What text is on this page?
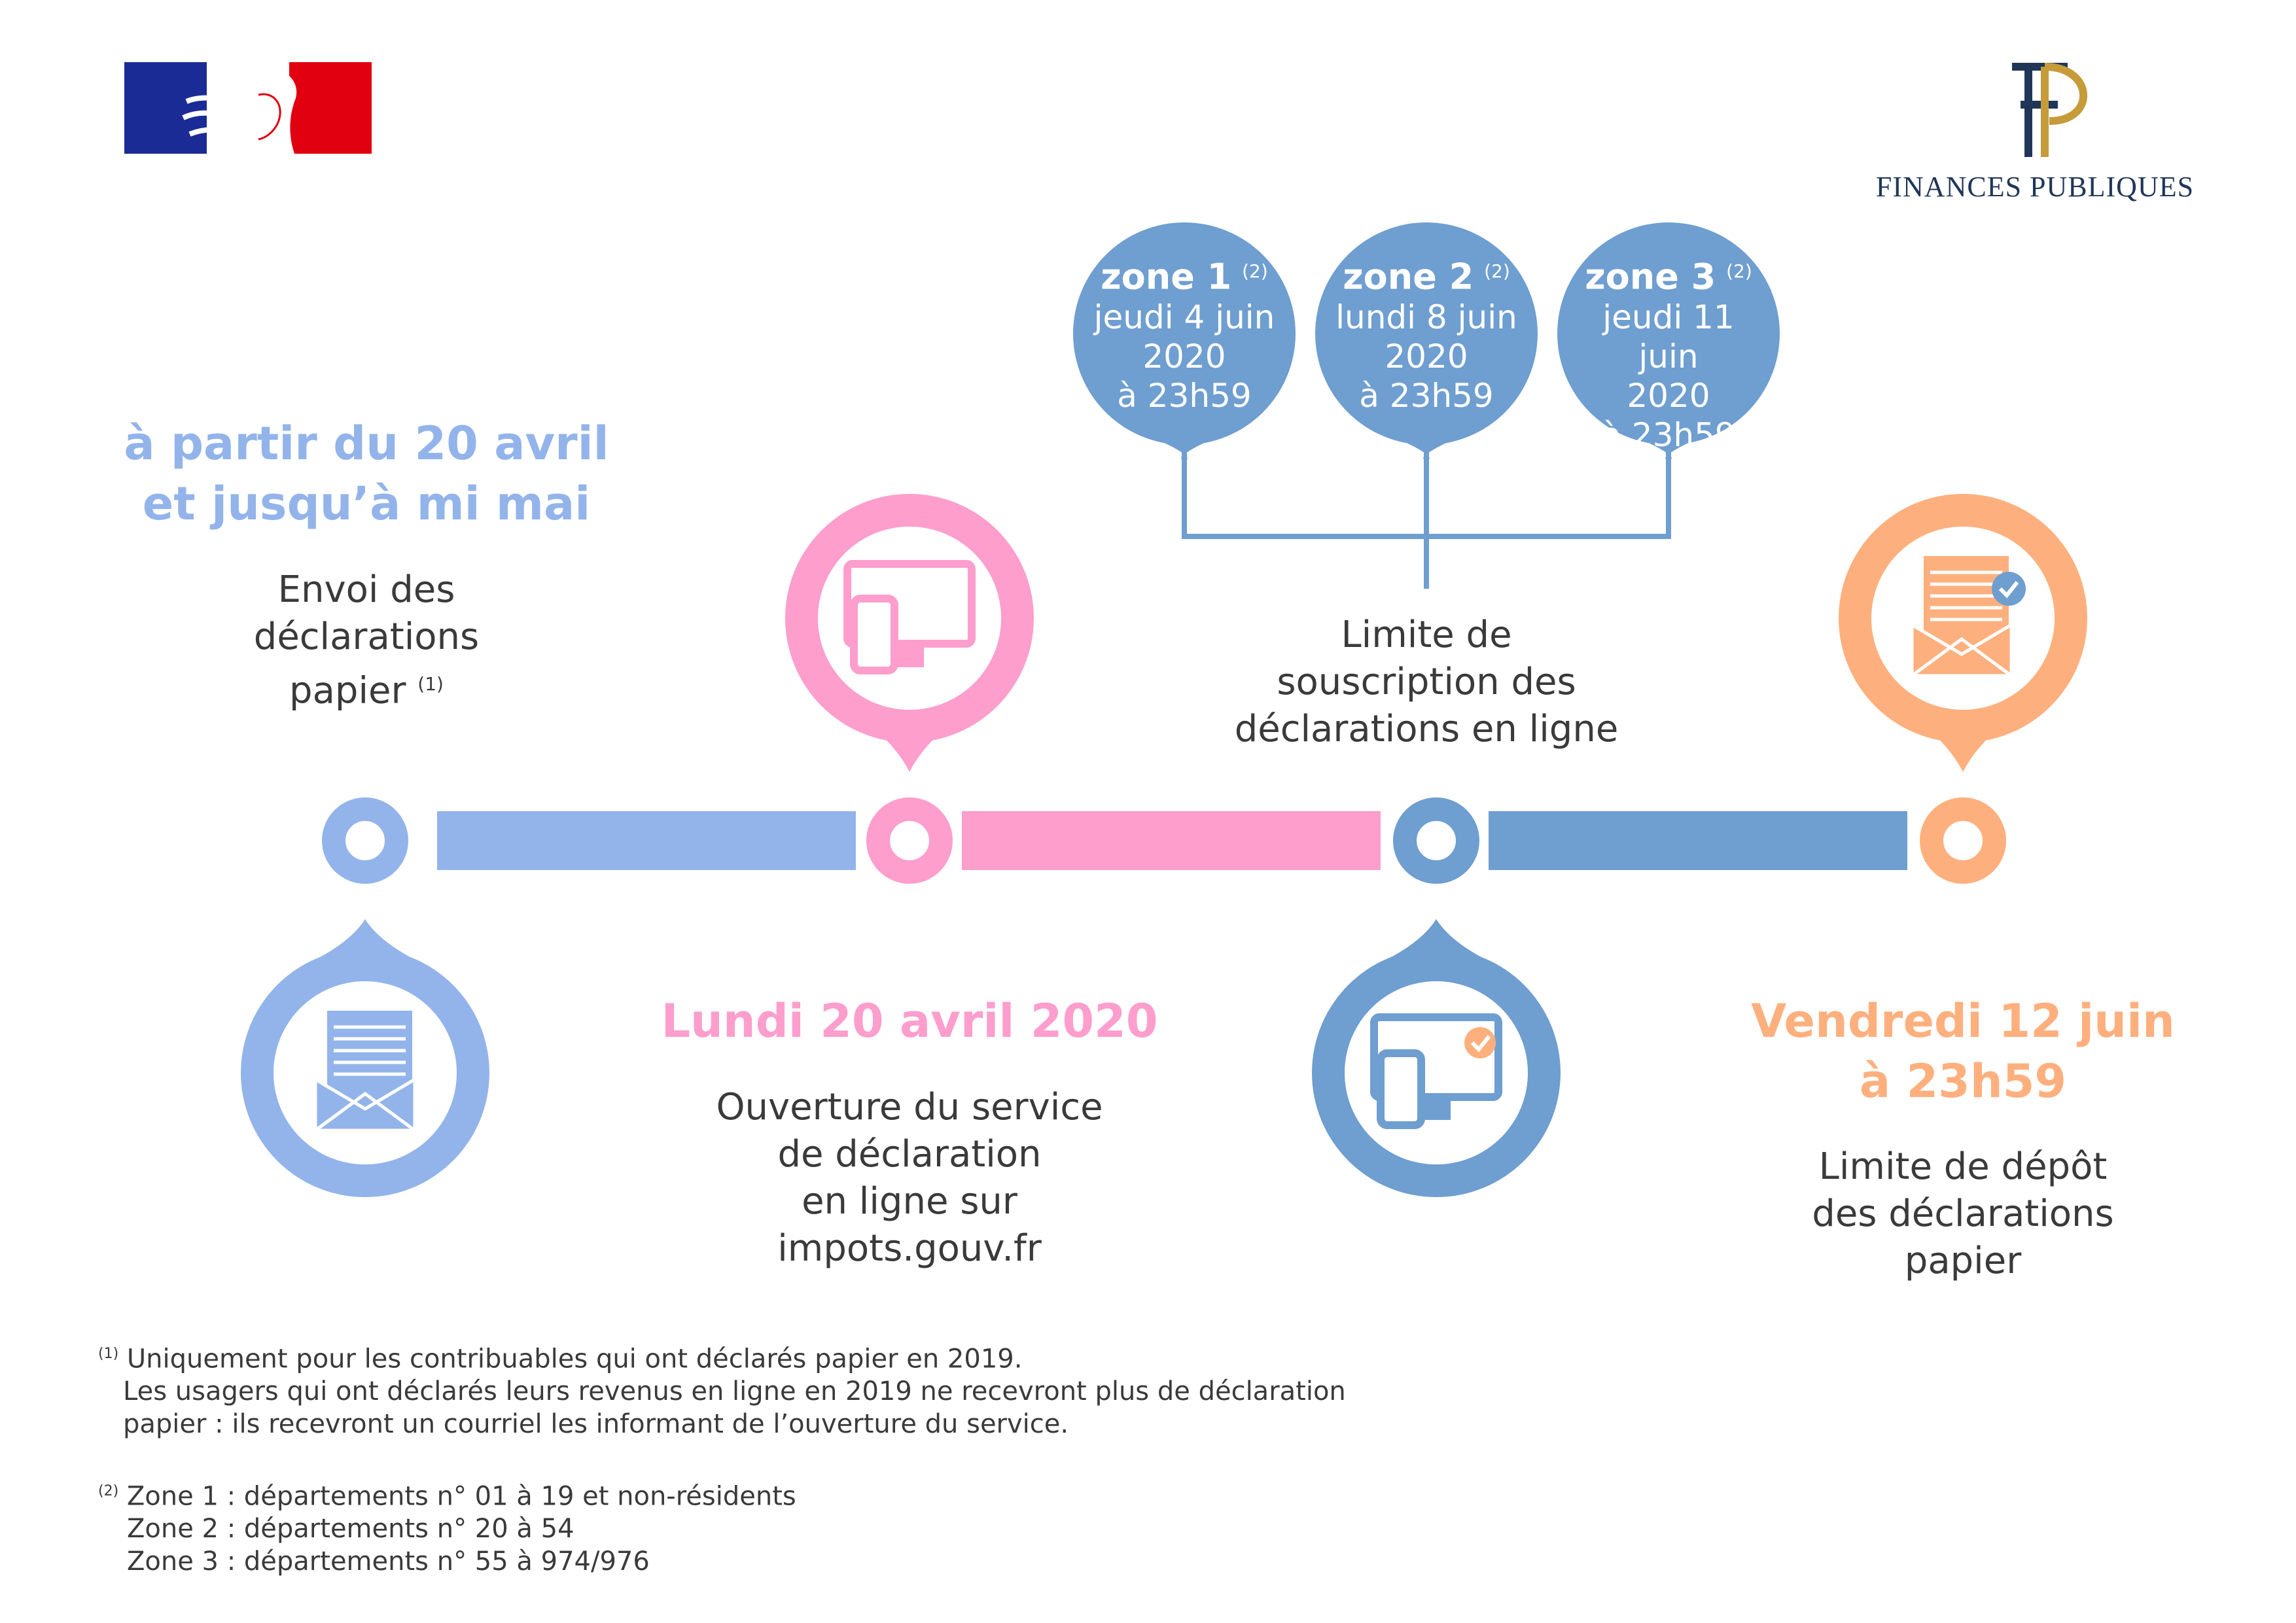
FINANCES PUBLIQUES
zone 1 $^{(2)}$
jeudi 4 juin
2020
à 23h59
zone 2 $^{(2)}$
lundi 8 juin
2020
à 23h59
zone 3 $^{(2)}$
jeudi 11 juin
2020
à 23h59
à partir du 20 avril
et jusqu’à mi mai
Envoi des
déclarations
papier $^{(1)}$
Lundi 20 avril 2020
Ouverture du service
de déclaration
en ligne sur
impots.gouv.fr
Limite de
souscription des
déclarations en ligne
Vendredi 12 juin
à 23h59
Limite de dépôt
des déclarations
papier
$^{(1)}$ Uniquement pour les contribuables qui ont déclarés papier en 2019.
Les usagers qui ont déclarés leurs revenus en ligne en 2019 ne recevront plus de déclaration
papier : ils recevront un courriel les informant de l’ouverture du service.
$^{(2)}$ Zone 1 : départements n° 01 à 19 et non-résidents
Zone 2 : départements n° 20 à 54
Zone 3 : départements n° 55 à 974/976
